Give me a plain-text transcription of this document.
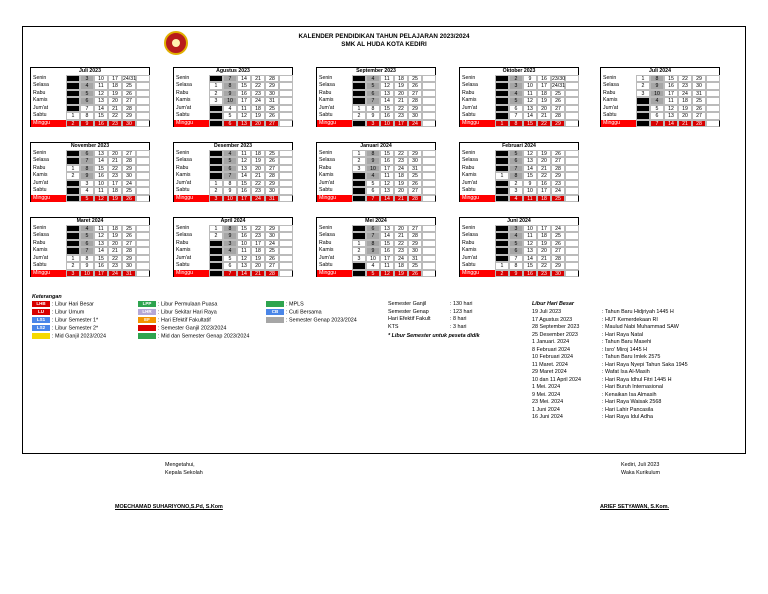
KALENDER PENDIDIKAN TAHUN PELAJARAN 2023/2024
SMK AL HUDA KOTA KEDIRI
Juli 2023
Senin	3	10	17 24/31
Selasa	4	11	18	25
Rabu	5	12	19	26
Kamis	6	13	20	27
Jum'at	7	14	21	28
Sabtu	1	8	15	22	29
Minggu	2	9	16	23	30
Agustus 2023
Senin	7	14	21	28
Selasa	1	8	15	22	29
Rabu	2	9	16	23	30
Kamis	3	10	17	24	31
Jum'at	4	11	18	25
Sabtu	5	12	19	26
Minggu	6	13	20	27
September 2023
Senin	4	11	18	25
Selasa	5	12	19	26
Rabu	6	13	20	27
Kamis	7	14	21	28
Jum'at	1	8	15	22	29
Sabtu	2	9	16	23	30
Minggu	3	10	17	24
Oktober 2023
Senin	2	9	16 23/30
Selasa	3	10	17 24/31
Rabu	4	11	18	25
Kamis	5	12	19	26
Jum'at	6	13	20	27
Sabtu	7	14	21	28
Minggu	1	8	15	22	29
Juli 2024
Senin	1	8	15	22	29
Selasa	2	9	16	23	30
Rabu	3	10	17	24	31
Kamis	4	11	18	25
Jum'at	5	12	19	26
Sabtu	6	13	20	27
Minggu	7	14	21	28
November 2023
Senin	6	13	20	27
Selasa	7	14	21	28
Rabu	1	8	15	22	29
Kamis	2	9	16	23	30
Jum'at	3	10	17	24
Sabtu	4	11	18	25
Minggu	5	12	19	26
Desember 2023
Senin	4	11	18	25
Selasa	5	12	19	26
Rabu	6	13	20	27
Kamis	7	14	21	28
Jum'at	1	8	15	22	29
Sabtu	2	9	16	23	30
Minggu	3	10	17	24	31
Januari 2024
Senin	1	8	15	22	29
Selasa	2	9	16	23	30
Rabu	3	10	17	24	31
Kamis	4	11	18	25
Jum'at	5	12	19	26
Sabtu	6	13	20	27
Minggu	7	14	21	28
Februari 2024
Senin	5	12	19	26
Selasa	6	13	20	27
Rabu	7	14	21	28
Kamis	1	8	15	22	29
Jum'at	2	9	16	23
Sabtu	3	10	17	24
Minggu	4	11	18	25
Maret 2024
Senin	4	11	18	25
Selasa	5	12	19	26
Rabu	6	13	20	27
Kamis	7	14	21	28
Jum'at	1	8	15	22	29
Sabtu	2	9	16	23	30
Minggu	3	10	17	24	31
April 2024
Senin	1	8	15	22	29
Selasa	2	9	16	23	30
Rabu	3	10	17	24
Kamis	4	11	18	25
Jum'at	5	12	19	26
Sabtu	6	13	20	27
Minggu	7	14	21	28
Mei 2024
Senin	6	13	20	27
Selasa	7	14	21	28
Rabu	1	8	15	22	29
Kamis	2	9	16	23	30
Jum'at	3	10	17	24	31
Sabtu	4	11	18	25
Minggu	5	12	19	26
Juni 2024
Senin	3	10	17	24
Selasa	4	11	18	25
Rabu	5	12	19	26
Kamis	6	13	20	27
Jum'at	7	14	21	28
Sabtu	1	8	15	22	29
Minggu	2	9	16	23	30
Keterangan
LHB : Libur Hari Besar
LU : Libur Umum
LS1 : Libur Semester 1*
LS2 : Libur Semester 2*
: Mid Ganjil 2023/2024
LPP : Libur Permulaan Puasa
LHR : Libur Sekitar Hari Raya
EF : Hari Efektif Fakultatif
: Semester Ganjil 2023/2024
: Mid dan Semester Genap 2023/2024
: MPLS
CB : Cuti Bersama
: Semester Genap 2023/2024
Semester Ganjil	: 130 hari
Semester Genap	: 123 hari
Hari Efektif Fakult	: 8 hari
KTS	: 3 hari
* Libur Semester untuk peseta didik
Libur Hari Besar
19 Juli 2023	: Tahun Baru Hidjriyah 1445 H
17 Agustus 2023	: HUT Kemerdekaan RI
28 September 2023	: Maulud Nabi Muhammad SAW
25 Desember 2023	: Hari Raya Natal
1 Januari. 2024	: Tahun Baru Masehi
8 Februari 2024	: Isro' Miroj 1445 H
10 Februari 2024	: Tahun Baru Imlek 2575
11 Maret. 2024	: Hari Raya Nyepi Tahun Saka 1945
29 Maret 2024	: Wafat Isa Al-Masih
10 dan 11 April 2024	: Hari Raya Idhul Fitri 1445 H
1 Mei. 2024	: Hari Buruh Internasional
9 Mei. 2024	: Kenaikan Isa Almasih
23 Mei. 2024	: Hari Raya Waisak 2568
1 Juni 2024	: Hari Lahir Pancasila
16 Juni 2024	: Hari Raya Idul Adha
Mengetahui,
Kepala Sekolah
MOECHAMAD SUHARIYONO,S.Pd, S.Kom
Kediri, Juli 2023
Waka Kurikulum
ARIEF SETYAWAN, S.Kom.
